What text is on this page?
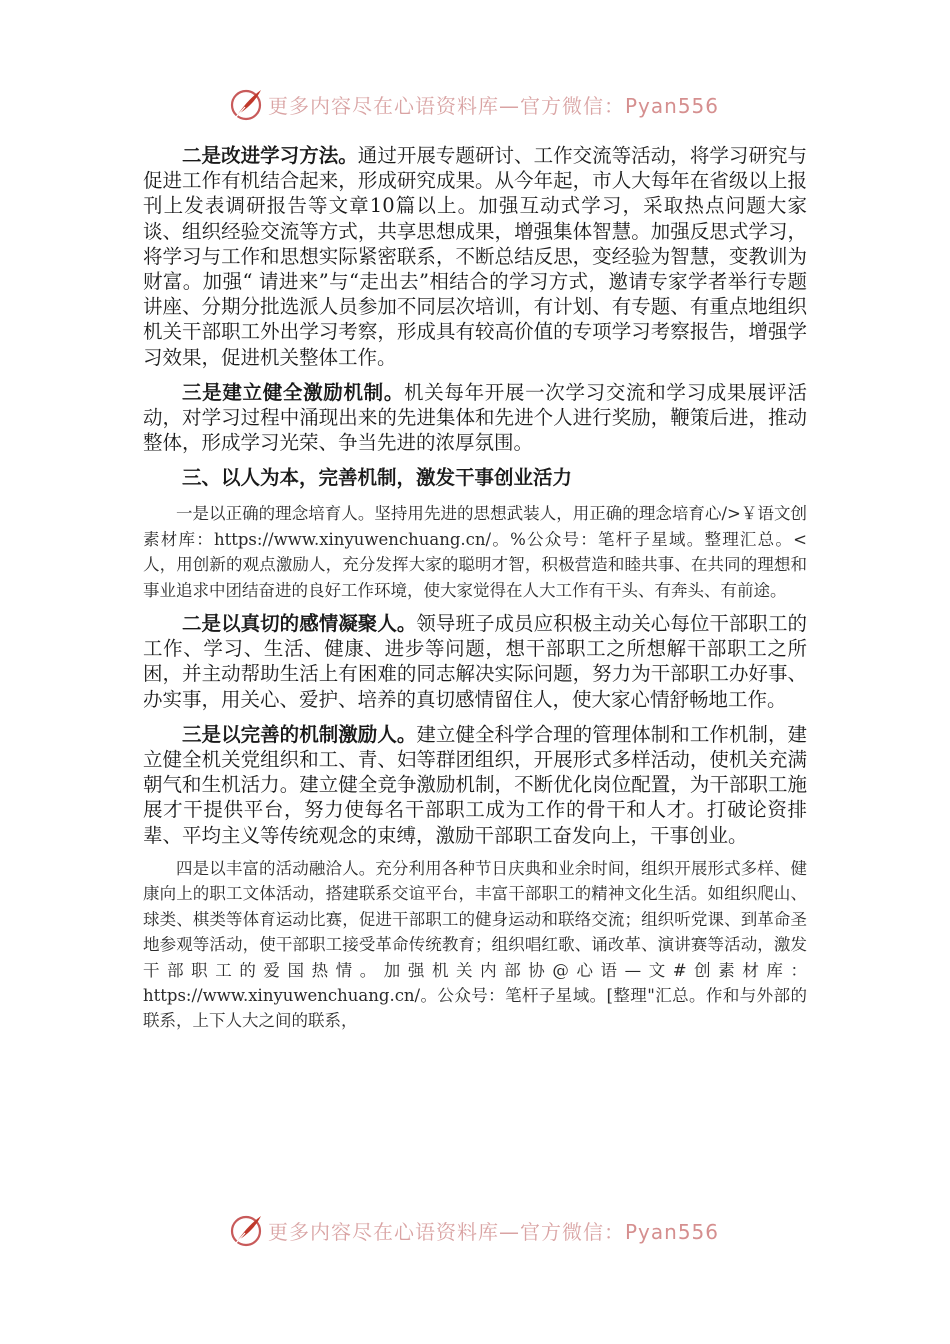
更多内容尽在心语资料库—官方微信：Pyan556

二是改进学习方法。通过开展专题研讨、工作交流等活动，将学习研究与促进工作有机结合起来，形成研究成果。从今年起，市人大每年在省级以上报刊上发表调研报告等文章10篇以上。加强互动式学习，采取热点问题大家谈、组织经验交流等方式，共享思想成果，增强集体智慧。加强反思式学习，将学习与工作和思想实际紧密联系，不断总结反思，变经验为智慧，变教训为财富。加强“ 请进来”与“走出去”相结合的学习方式，邀请专家学者举行专题讲座、分期分批选派人员参加不同层次培训，有计划、有专题、有重点地组织机关干部职工外出学习考察，形成具有较高价值的专项学习考察报告，增强学习效果，促进机关整体工作。

三是建立健全激励机制。机关每年开展一次学习交流和学习成果展评活动，对学习过程中涌现出来的先进集体和先进个人进行奖励，鞭策后进，推动整体，形成学习光荣、争当先进的浓厚氛围。

三、以人为本，完善机制，激发干事创业活力

一是以正确的理念培育人。坚持用先进的思想武装人，用正确的理念培育心/>￥语文创素材库：https://www.xinyuwenchuang.cn/。%公众号：笔杆子星域。整理汇总。<人，用创新的观点激励人，充分发挥大家的聪明才智，积极营造和睦共事、在共同的理想和事业追求中团结奋进的良好工作环境，使大家觉得在人大工作有干头、有奔头、有前途。

二是以真切的感情凝聚人。领导班子成员应积极主动关心每位干部职工的工作、学习、生活、健康、进步等问题，想干部职工之所想解干部职工之所困，并主动帮助生活上有困难的同志解决实际问题，努力为干部职工办好事、办实事，用关心、爱护、培养的真切感情留住人，使大家心情舒畅地工作。

三是以完善的机制激励人。建立健全科学合理的管理体制和工作机制，建立健全机关党组织和工、青、妇等群团组织，开展形式多样活动，使机关充满朝气和生机活力。建立健全竞争激励机制，不断优化岗位配置，为干部职工施展才干提供平台，努力使每名干部职工成为工作的骨干和人才。打破论资排辈、平均主义等传统观念的束缚，激励干部职工奋发向上，干事创业。

四是以丰富的活动融洽人。充分利用各种节日庆典和业余时间，组织开展形式多样、健康向上的职工文体活动，搭建联系交谊平台，丰富干部职工的精神文化生活。如组织爬山、球类、棋类等体育运动比赛，促进干部职工的健身运动和联络交流；组织听党课、到革命圣地参观等活动，使干部职工接受革命传统教育；组织唱红歌、诵改革、演讲赛等活动，激发干部职工的爱国热情。加强机关内部协@心语—文#创素材库：https://www.xinyuwenchuang.cn/。公众号：笔杆子星域。[整理"汇总。作和与外部的联系，上下人大之间的联系，

更多内容尽在心语资料库—官方微信：Pyan556
